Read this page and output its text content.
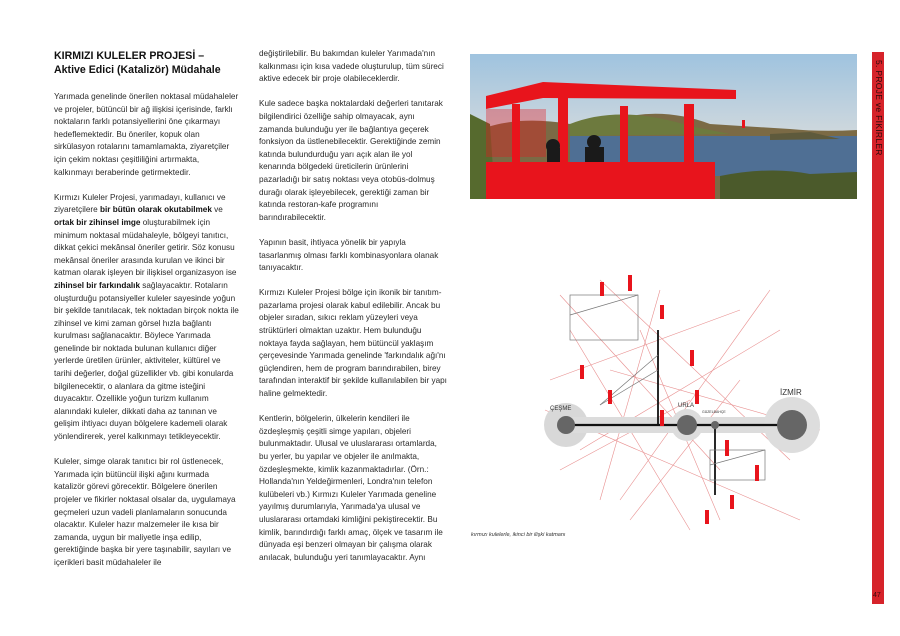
KIRMIZI KULELER PROJESİ –
Aktive Edici (Katalizör) Müdahale

Yarımada genelinde önerilen noktasal müdahaleler ve projeler, bütüncül bir ağ ilişkisi içerisinde, farklı noktaların farklı potansiyellerini öne çıkarmayı hedeflemektedir. Bu öneriler, kopuk olan sirkülasyon rotalarını tamamlamakta, ziyaretçiler için çekim noktası çeşitliliğini artırmakta, kalkınmayı beraberinde getirmektedir.

Kırmızı Kuleler Projesi, yarımadayı, kullanıcı ve ziyaretçilere bir bütün olarak okutabilmek ve ortak bir zihinsel imge oluşturabilmek için minimum noktasal müdahaleyle, bölgeyi tanıtıcı, dikkat çekici mekânsal öneriler getirir. Söz konusu mekânsal öneriler arasında kurulan ve ikinci bir katman olarak işleyen bir ilişkisel organizasyon ise zihinsel bir farkındalık sağlayacaktır. Rotaların oluşturduğu potansiyeller kuleler sayesinde yoğun bir şekilde tanıtılacak, tek noktadan birçok nokta ile zihinsel ve kimi zaman görsel hızla bağlantı kurulması sağlanacaktır. Böylece Yarımada genelinde bir noktada bulunan kullanıcı diğer yerlerde üretilen ürünler, aktiviteler, kültürel ve tarihi değerler, doğal güzellikler vb. gibi konularda bilgilenecektir, o alanlara da gitme isteğini duyacaktır. Özellikle yoğun turizm kullanım alanındaki kuleler, dikkati daha az tanınan ve gelişim ihtiyacı duyan bölgelere kademeli olarak yönlendirerek, yerel kalkınmayı tetikleyecektir.

Kuleler, simge olarak tanıtıcı bir rol üstlenecek, Yarımada için bütüncül ilişki ağını kurmada katalizör görevi görecektir. Bölgelere önerilen projeler ve fikirler noktasal olsalar da, uygulamaya geçmeleri uzun vadeli planlamaların sonucunda olacaktır. Kuleler hazır malzemeler ile kısa bir zamanda, uygun bir maliyetle inşa edilip, gerektiğinde başka bir yere taşınabilir, sayıları ve içerikleri basit müdahaleler ile

değiştirilebilir. Bu bakımdan kuleler Yarımada'nın kalkınması için kısa vadede oluşturulup, tüm süreci aktive edecek bir proje olabileceklerdir.

Kule sadece başka noktalardaki değerleri tanıtarak bilgilendirici özelliğe sahip olmayacak, aynı zamanda bulunduğu yer ile bağlantıya geçerek fonksiyon da üstlenebilecektir. Gerektiğinde zemin katında bulundurduğu yarı açık alan ile yol kenarında bölgedeki üreticilerin ürünlerini pazarladığı bir satış noktası veya otobüs-dolmuş durağı olarak işleyebilecek, gerektiği zaman bir katında restoran-kafe programını barındırabilecektir.

Yapının basit, ihtiyaca yönelik bir yapıyla tasarlanmış olması farklı kombinasyonlara olanak tanıyacaktır.

Kırmızı Kuleler Projesi bölge için ikonik bir tanıtım-pazarlama projesi olarak kabul edilebilir. Ancak bu objeler sıradan, sıkıcı reklam yüzeyleri veya strüktürleri olmaktan uzaktır. Hem bulunduğu noktaya fayda sağlayan, hem bütüncül yaklaşım çerçevesinde Yarımada genelinde 'farkındalık ağı'nı güçlendiren, hem de program barındırabilen, birey tarafından interaktif bir şekilde kullanılabilen bir yapı haline gelmektedir.

Kentlerin, bölgelerin, ülkelerin kendileri ile özdeşleşmiş çeşitli simge yapıları, objeleri bulunmaktadır. Ulusal ve uluslararası ortamlarda, bu yerler, bu yapılar ve objeler ile anılmakta, özdeşleşmekte, kimlik kazanmaktadırlar. (Örn.: Hollanda'nın Yeldeğirmenleri, Londra'nın telefon kulübeleri vb.) Kırmızı Kuleler Yarımada geneline yayılmış durumlarıyla, Yarımada'ya ulusal ve uluslararası ortamdaki kimliğini pekiştirecektir. Bu kimlik, barındırdığı farklı amaç, ölçek ve tasarım ile dünyada eşi benzeri olmayan bir çalışma olarak anılacak, bulunduğu yeri tanımlayacaktır. Aynı

ÇEŞME	URLA
İZMİR
GÜZELBAHÇE
kırmızı kulelerle, ikinci bir ilişki katmanı
5. PROJE ve FİKİRLER
47
